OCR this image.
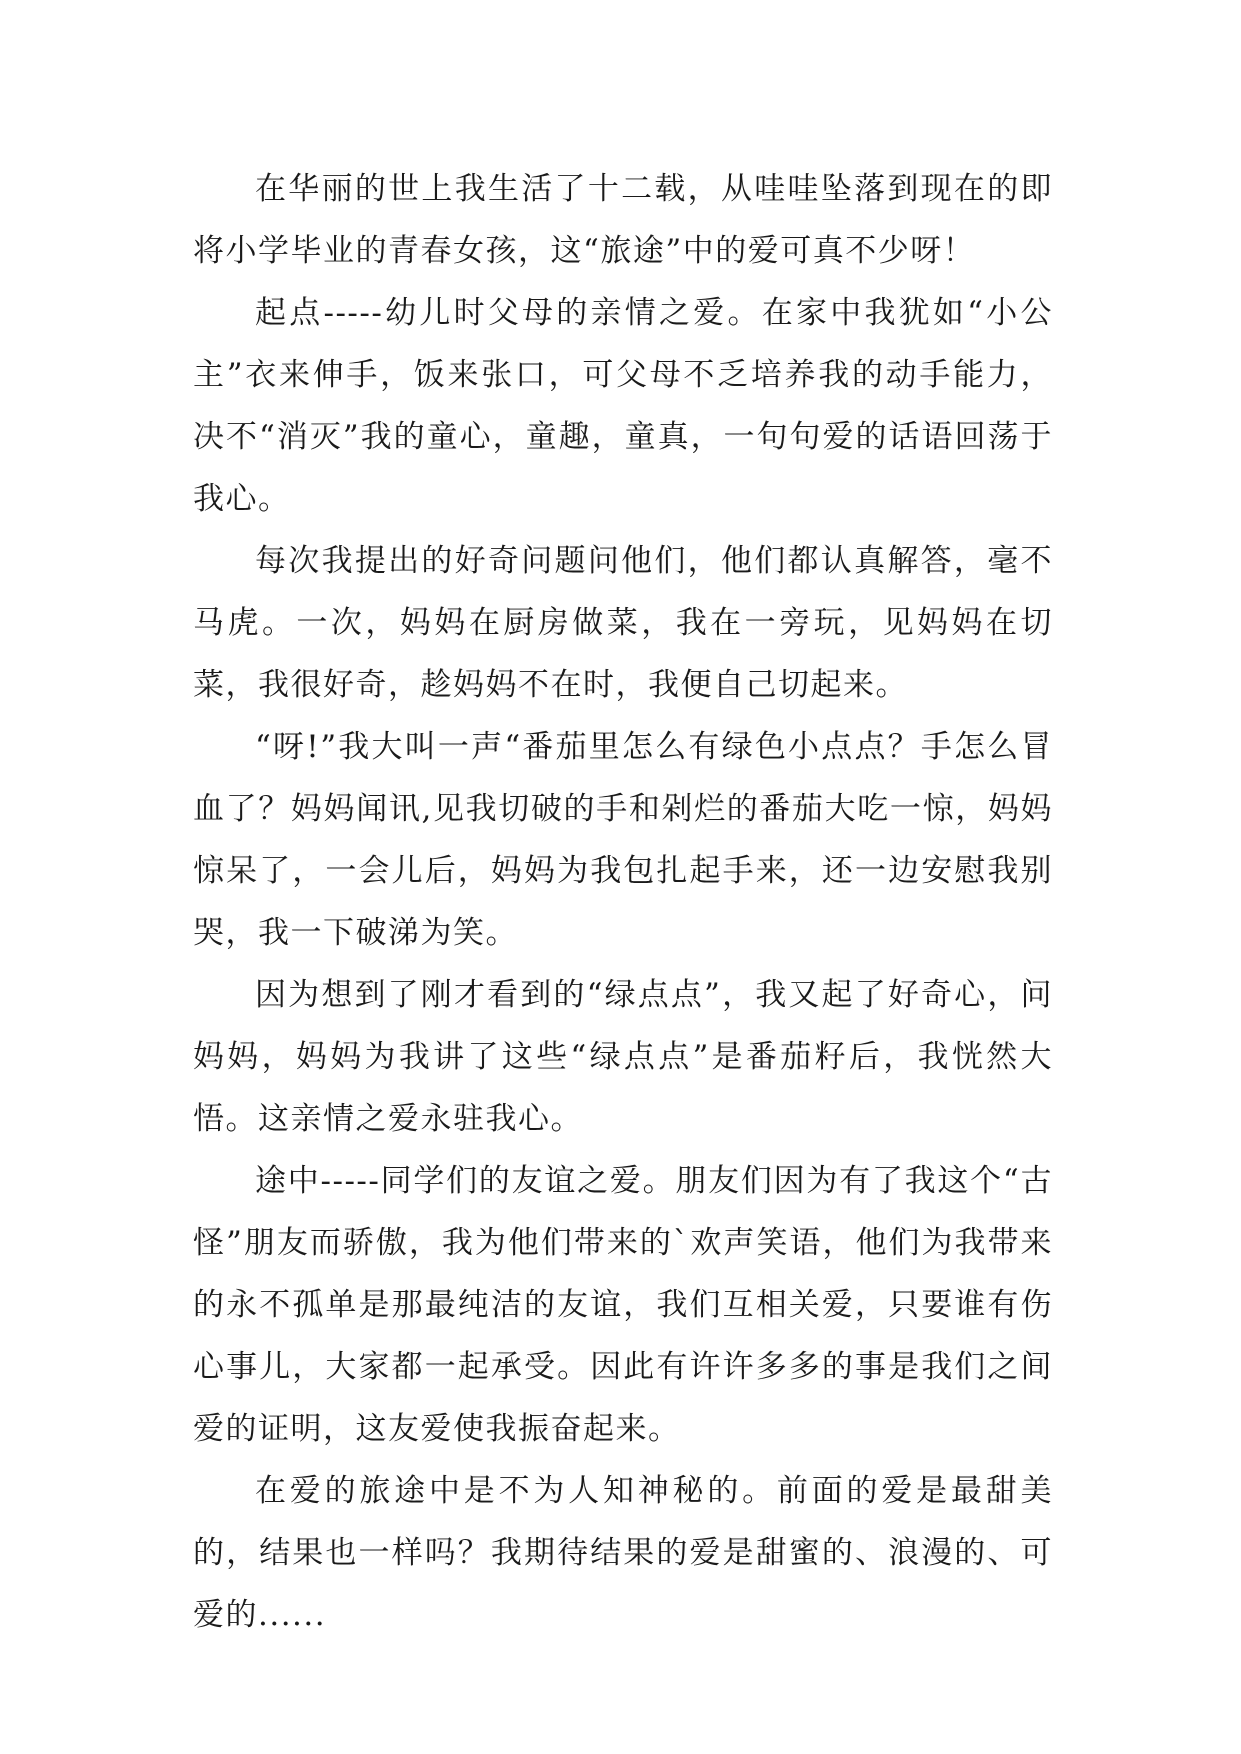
在华丽的世上我生活了十二载，从哇哇坠落到现在的即将小学毕业的青春女孩，这“旅途”中的爱可真不少呀！

起点-----幼儿时父母的亲情之爱。在家中我犹如“小公主”衣来伸手，饭来张口，可父母不乏培养我的动手能力，决不“消灭”我的童心，童趣，童真，一句句爱的话语回荡于我心。

每次我提出的好奇问题问他们，他们都认真解答，毫不马虎。一次，妈妈在厨房做菜，我在一旁玩，见妈妈在切菜，我很好奇，趁妈妈不在时，我便自己切起来。

“呀!”我大叫一声“番茄里怎么有绿色小点点？手怎么冒血了？妈妈闻讯,见我切破的手和剁烂的番茄大吃一惊，妈妈惊呆了，一会儿后，妈妈为我包扎起手来，还一边安慰我别哭，我一下破涕为笑。

因为想到了刚才看到的“绿点点”，我又起了好奇心，问妈妈，妈妈为我讲了这些“绿点点”是番茄籽后，我恍然大悟。这亲情之爱永驻我心。

途中-----同学们的友谊之爱。朋友们因为有了我这个“古怪”朋友而骄傲，我为他们带来的`欢声笑语，他们为我带来的永不孤单是那最纯洁的友谊，我们互相关爱，只要谁有伤心事儿，大家都一起承受。因此有许许多多的事是我们之间爱的证明，这友爱使我振奋起来。

在爱的旅途中是不为人知神秘的。前面的爱是最甜美的，结果也一样吗？我期待结果的爱是甜蜜的、浪漫的、可爱的......
